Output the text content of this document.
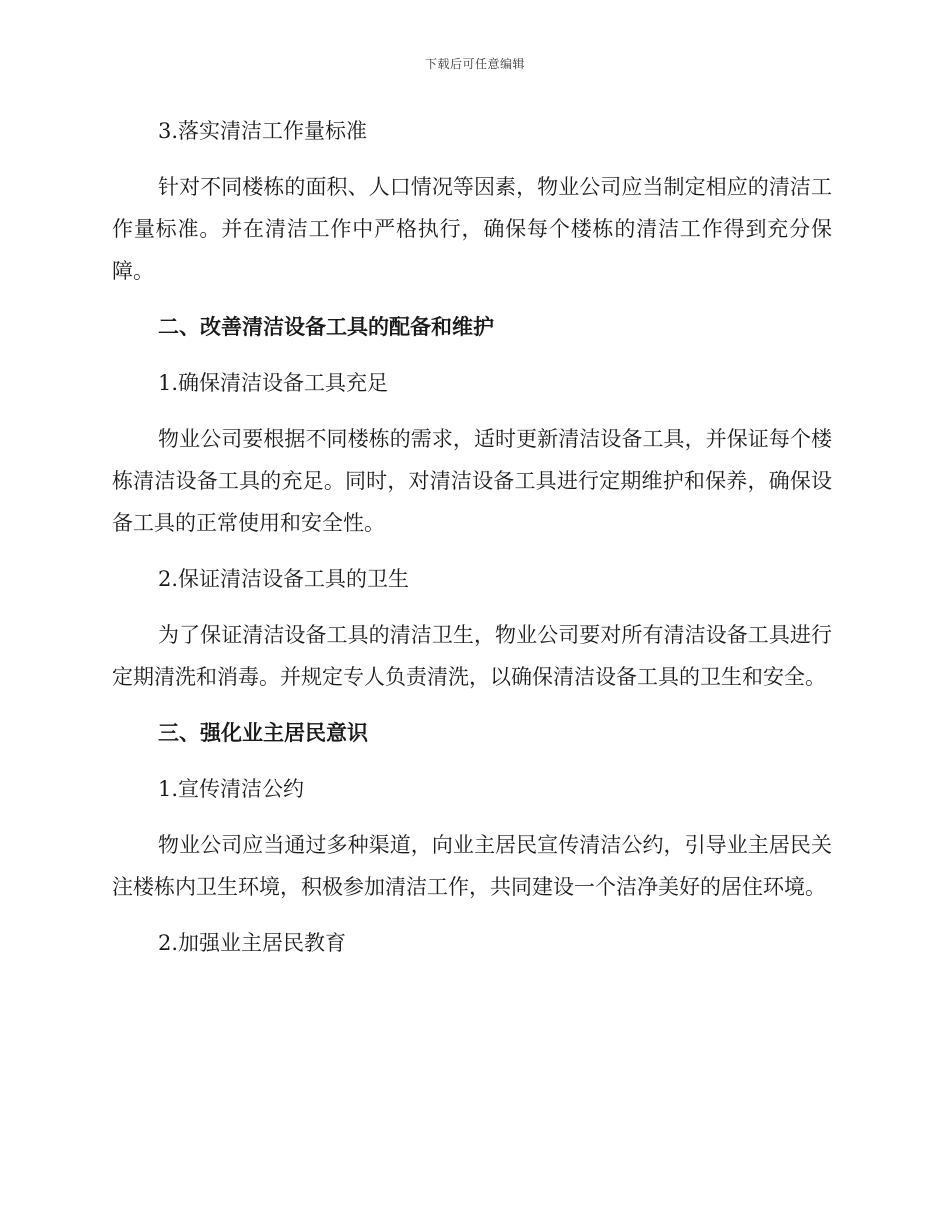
下载后可任意编辑

3.落实清洁工作量标准

针对不同楼栋的面积、人口情况等因素，物业公司应当制定相应的清洁工作量标准。并在清洁工作中严格执行，确保每个楼栋的清洁工作得到充分保障。

二、改善清洁设备工具的配备和维护

1.确保清洁设备工具充足

物业公司要根据不同楼栋的需求，适时更新清洁设备工具，并保证每个楼栋清洁设备工具的充足。同时，对清洁设备工具进行定期维护和保养，确保设备工具的正常使用和安全性。

2.保证清洁设备工具的卫生

为了保证清洁设备工具的清洁卫生，物业公司要对所有清洁设备工具进行定期清洗和消毒。并规定专人负责清洗，以确保清洁设备工具的卫生和安全。

三、强化业主居民意识

1.宣传清洁公约

物业公司应当通过多种渠道，向业主居民宣传清洁公约，引导业主居民关注楼栋内卫生环境，积极参加清洁工作，共同建设一个洁净美好的居住环境。

2.加强业主居民教育
